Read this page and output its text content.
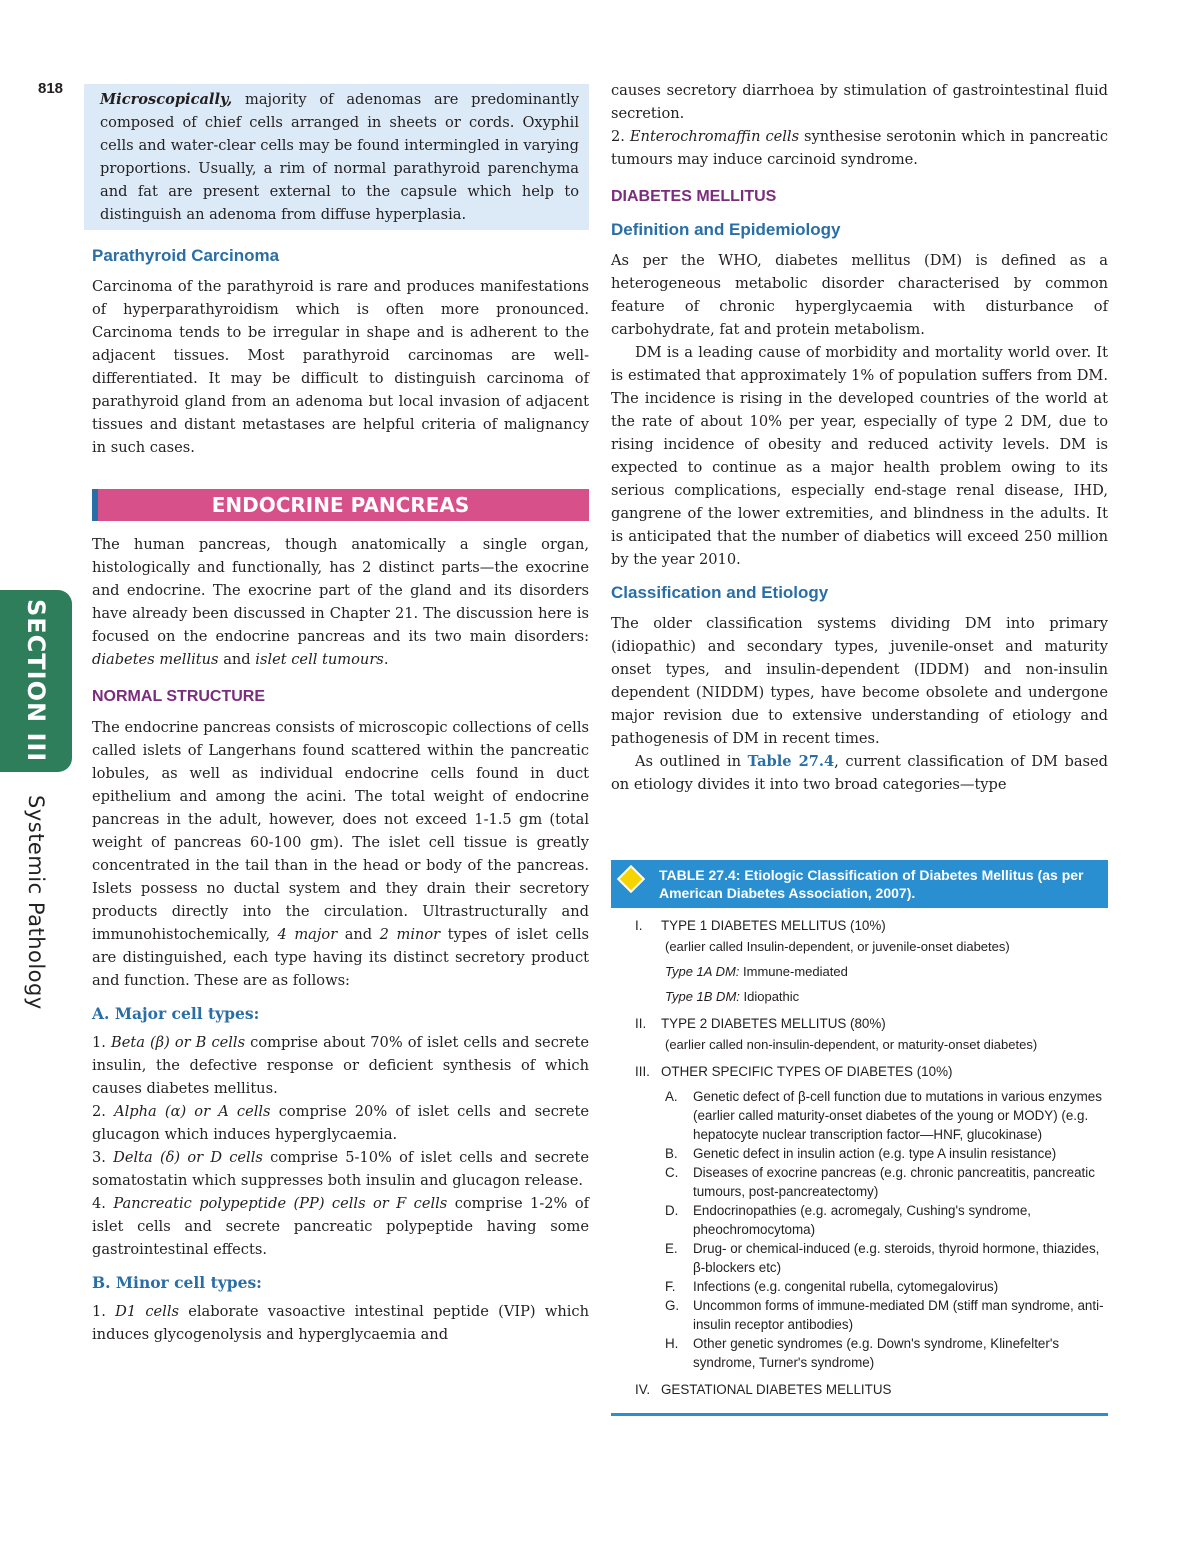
818
SECTION III
Systemic Pathology

Microscopically, majority of adenomas are predominantly composed of chief cells arranged in sheets or cords. Oxyphil cells and water-clear cells may be found intermingled in varying proportions. Usually, a rim of normal parathyroid parenchyma and fat are present external to the capsule which help to distinguish an adenoma from diffuse hyperplasia.

Parathyroid Carcinoma

Carcinoma of the parathyroid is rare and produces manifestations of hyperparathyroidism which is often more pronounced. Carcinoma tends to be irregular in shape and is adherent to the adjacent tissues. Most parathyroid carcinomas are well-differentiated. It may be difficult to distinguish carcinoma of parathyroid gland from an adenoma but local invasion of adjacent tissues and distant metastases are helpful criteria of malignancy in such cases.

ENDOCRINE PANCREAS

The human pancreas, though anatomically a single organ, histologically and functionally, has 2 distinct parts—the exocrine and endocrine. The exocrine part of the gland and its disorders have already been discussed in Chapter 21. The discussion here is focused on the endocrine pancreas and its two main disorders: diabetes mellitus and islet cell tumours.

NORMAL STRUCTURE

The endocrine pancreas consists of microscopic collections of cells called islets of Langerhans found scattered within the pancreatic lobules, as well as individual endocrine cells found in duct epithelium and among the acini. The total weight of endocrine pancreas in the adult, however, does not exceed 1-1.5 gm (total weight of pancreas 60-100 gm). The islet cell tissue is greatly concentrated in the tail than in the head or body of the pancreas. Islets possess no ductal system and they drain their secretory products directly into the circulation. Ultrastructurally and immunohistochemically, 4 major and 2 minor types of islet cells are distinguished, each type having its distinct secretory product and function. These are as follows:

A. Major cell types:

1. Beta (β) or B cells comprise about 70% of islet cells and secrete insulin, the defective response or deficient synthesis of which causes diabetes mellitus.

2. Alpha (α) or A cells comprise 20% of islet cells and secrete glucagon which induces hyperglycaemia.

3. Delta (δ) or D cells comprise 5-10% of islet cells and secrete somatostatin which suppresses both insulin and glucagon release.

4. Pancreatic polypeptide (PP) cells or F cells comprise 1-2% of islet cells and secrete pancreatic polypeptide having some gastrointestinal effects.

B. Minor cell types:

1. D1 cells elaborate vasoactive intestinal peptide (VIP) which induces glycogenolysis and hyperglycaemia and

causes secretory diarrhoea by stimulation of gastrointestinal fluid secretion.

2. Enterochromaffin cells synthesise serotonin which in pancreatic tumours may induce carcinoid syndrome.

DIABETES MELLITUS
Definition and Epidemiology

As per the WHO, diabetes mellitus (DM) is defined as a heterogeneous metabolic disorder characterised by common feature of chronic hyperglycaemia with disturbance of carbohydrate, fat and protein metabolism.

DM is a leading cause of morbidity and mortality world over. It is estimated that approximately 1% of population suffers from DM. The incidence is rising in the developed countries of the world at the rate of about 10% per year, especially of type 2 DM, due to rising incidence of obesity and reduced activity levels. DM is expected to continue as a major health problem owing to its serious complications, especially end-stage renal disease, IHD, gangrene of the lower extremities, and blindness in the adults. It is anticipated that the number of diabetics will exceed 250 million by the year 2010.

Classification and Etiology

The older classification systems dividing DM into primary (idiopathic) and secondary types, juvenile-onset and maturity onset types, and insulin-dependent (IDDM) and non-insulin dependent (NIDDM) types, have become obsolete and undergone major revision due to extensive understanding of etiology and pathogenesis of DM in recent times.

As outlined in Table 27.4, current classification of DM based on etiology divides it into two broad categories—type

TABLE 27.4: Etiologic Classification of Diabetes Mellitus (as per American Diabetes Association, 2007).
I.	TYPE 1 DIABETES MELLITUS (10%)
(earlier called Insulin-dependent, or juvenile-onset diabetes)
Type 1A DM: Immune-mediated
Type 1B DM: Idiopathic
II.	TYPE 2 DIABETES MELLITUS (80%)
(earlier called non-insulin-dependent, or maturity-onset diabetes)
III. OTHER SPECIFIC TYPES OF DIABETES (10%)
A.	Genetic defect of β-cell function due to mutations in various enzymes (earlier called maturity-onset diabetes of the young or MODY) (e.g. hepatocyte nuclear transcription factor—HNF, glucokinase)
B.	Genetic defect in insulin action (e.g. type A insulin resistance)
C.	Diseases of exocrine pancreas (e.g. chronic pancreatitis, pancreatic tumours, post-pancreatectomy)
D.	Endocrinopathies (e.g. acromegaly, Cushing's syndrome, pheochromocytoma)
E.	Drug- or chemical-induced (e.g. steroids, thyroid hormone, thiazides, β-blockers etc)
F.	Infections (e.g. congenital rubella, cytomegalovirus)
G.	Uncommon forms of immune-mediated DM (stiff man syndrome, anti-insulin receptor antibodies)
H.	Other genetic syndromes (e.g. Down's syndrome, Klinefelter's syndrome, Turner's syndrome)
IV. GESTATIONAL DIABETES MELLITUS
